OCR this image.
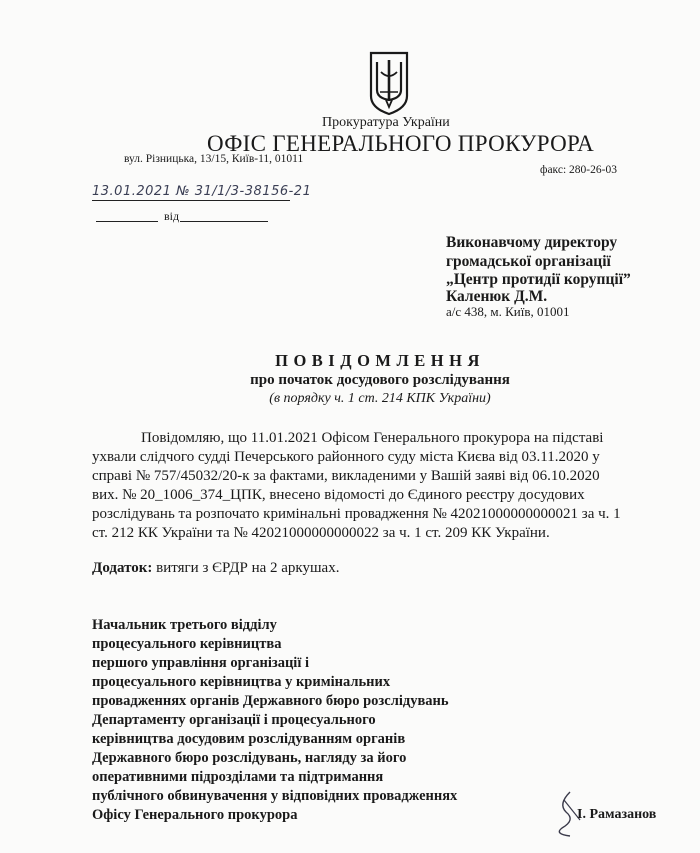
Прокуратура України
ОФІС ГЕНЕРАЛЬНОГО ПРОКУРОРА
вул. Різницька, 13/15, Київ-11, 01011
факс: 280-26-03
13.01.2021 № 31/1/3-38156-21
від
Виконавчому директору
громадської організації
„Центр протидії корупції”
Каленюк Д.М.
а/с 438, м. Київ, 01001
ПОВІДОМЛЕННЯ
про початок досудового розслідування
(в порядку ч. 1 ст. 214 КПК України)
Повідомляю, що 11.01.2021 Офісом Генерального прокурора на підставі
ухвали слідчого судді Печерського районного суду міста Києва від 03.11.2020 у
справі № 757/45032/20-к за фактами, викладеними у Вашій заяві від 06.10.2020
вих. № 20_1006_374_ЦПК, внесено відомості до Єдиного реєстру досудових
розслідувань та розпочато кримінальні провадження № 42021000000000021 за ч. 1
ст. 212 КК України та № 42021000000000022 за ч. 1 ст. 209 КК України.
Додаток: витяги з ЄРДР на 2 аркушах.
Начальник третього відділу
процесуального керівництва
першого управління організації і
процесуального керівництва у кримінальних
провадженнях органів Державного бюро розслідувань
Департаменту організації і процесуального
керівництва досудовим розслідуванням органів
Державного бюро розслідувань, нагляду за його
оперативними підрозділами та підтримання
публічного обвинувачення у відповідних провадженнях
Офісу Генерального прокурора	І. Рамазанов
